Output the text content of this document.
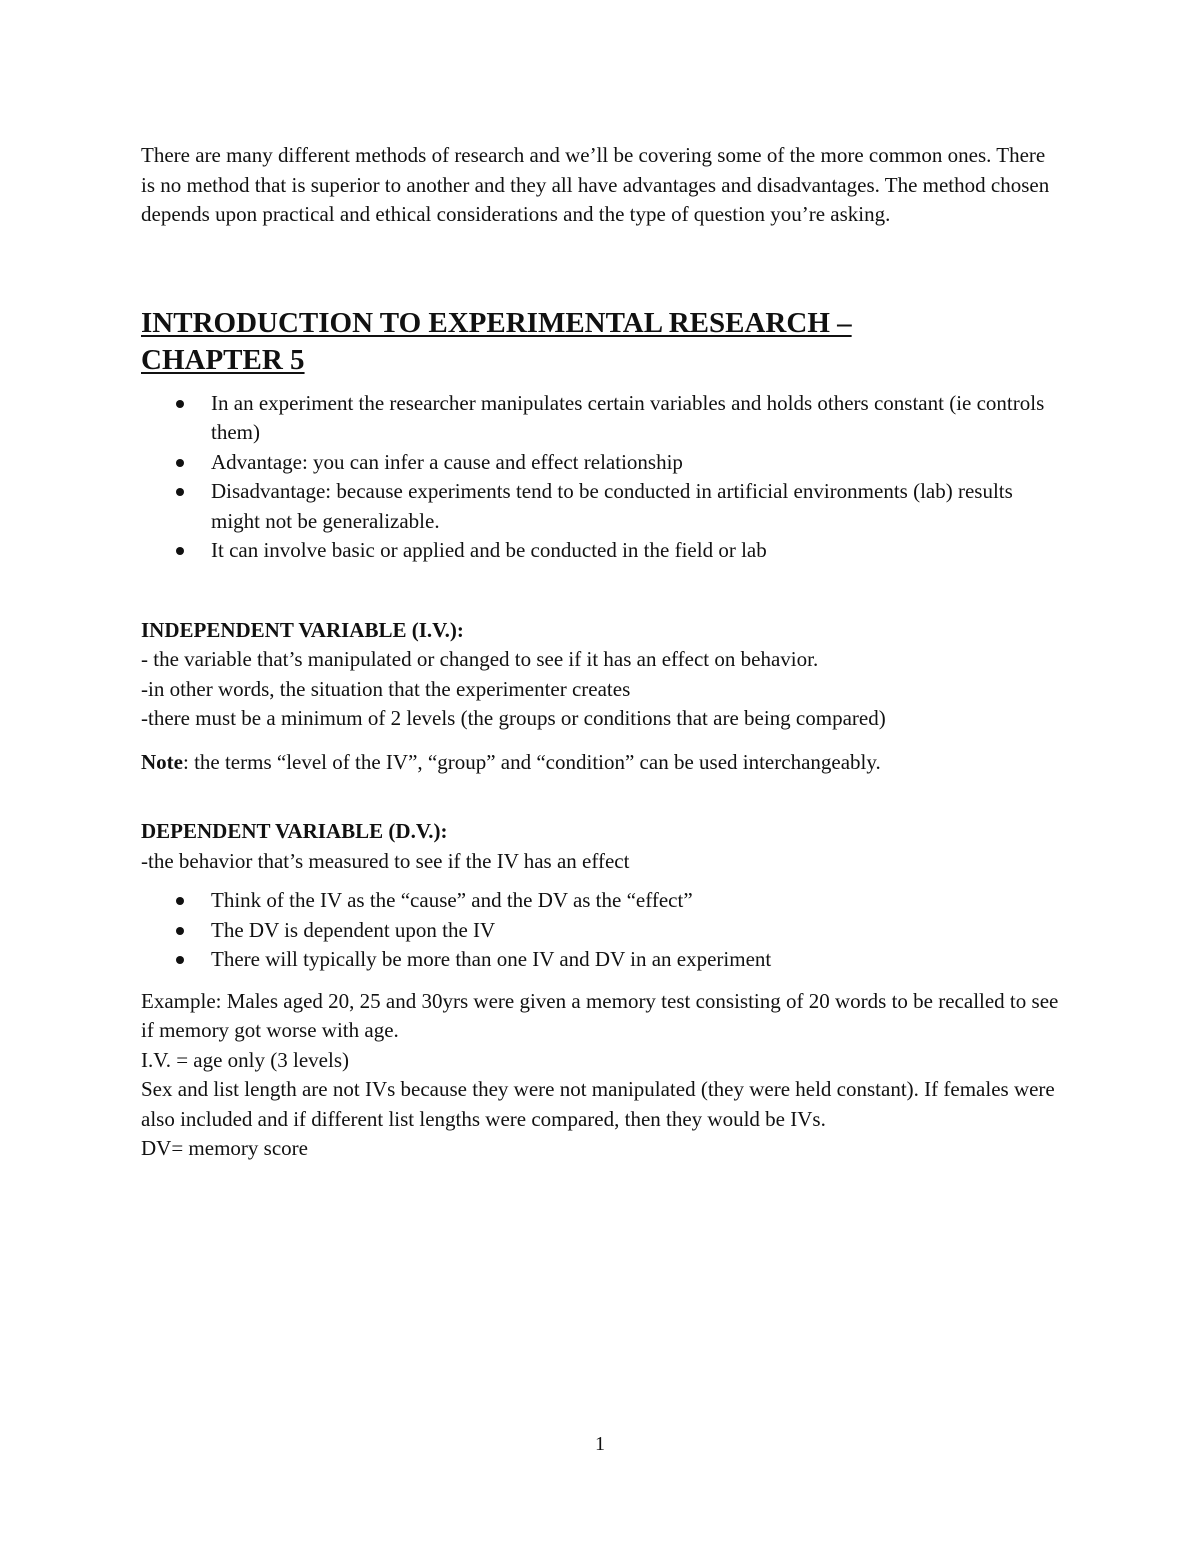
There are many different methods of research and we’ll be covering some of the more common ones. There is no method that is superior to another and they all have advantages and disadvantages. The method chosen depends upon practical and ethical considerations and the type of question you’re asking.

INTRODUCTION TO EXPERIMENTAL RESEARCH –
CHAPTER 5
In an experiment the researcher manipulates certain variables and holds others constant (ie controls them)
Advantage: you can infer a cause and effect relationship
Disadvantage: because experiments tend to be conducted in artificial environments (lab) results might not be generalizable.
It can involve basic or applied and be conducted in the field or lab
INDEPENDENT VARIABLE (I.V.):

- the variable that’s manipulated or changed to see if it has an effect on behavior.

-in other words, the situation that the experimenter creates

-there must be a minimum of 2 levels (the groups or conditions that are being compared)

Note: the terms “level of the IV”, “group” and “condition” can be used interchangeably.

DEPENDENT VARIABLE (D.V.):

-the behavior that’s measured to see if the IV has an effect

Think of the IV as the “cause” and the DV as the “effect”
The DV is dependent upon the IV
There will typically be more than one IV and DV in an experiment

Example: Males aged 20, 25 and 30yrs were given a memory test consisting of 20 words to be recalled to see if memory got worse with age.

I.V. = age only (3 levels)

Sex and list length are not IVs because they were not manipulated (they were held constant). If females were also included and if different list lengths were compared, then they would be IVs.

DV= memory score

1
